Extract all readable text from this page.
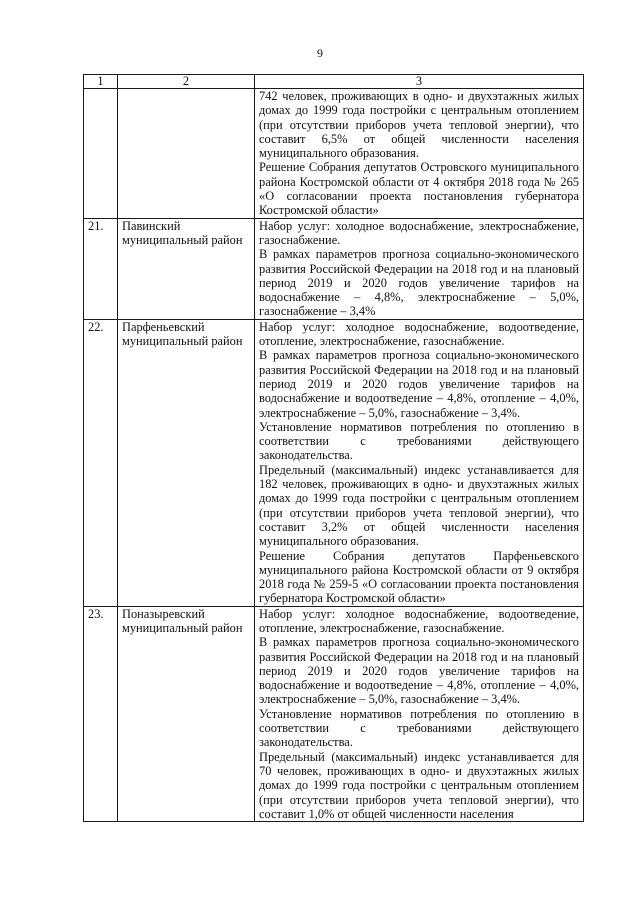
9
1	2	3

		742 человек, проживающих в одно- и двухэтажных жилых домах до 1999 года постройки с центральным отоплением (при отсутствии приборов учета тепловой энергии), что составит 6,5% от общей численности населения муниципального образования.

Решение Собрания депутатов Островского муниципального района Костромской области от 4 октября 2018 года № 265 «О согласовании проекта постановления губернатора Костромской области»

21.	Павинский муниципальный район	Набор услуг: холодное водоснабжение, электроснабжение, газоснабжение.

В рамках параметров прогноза социально-экономического развития Российской Федерации на 2018 год и на плановый период 2019 и 2020 годов увеличение тарифов на водоснабжение – 4,8%, электроснабжение – 5,0%, газоснабжение – 3,4%

22.	Парфеньевский муниципальный район	Набор услуг: холодное водоснабжение, водоотведение, отопление, электроснабжение, газоснабжение.

В рамках параметров прогноза социально-экономического развития Российской Федерации на 2018 год и на плановый период 2019 и 2020 годов увеличение тарифов на водоснабжение и водоотведение – 4,8%, отопление – 4,0%, электроснабжение – 5,0%, газоснабжение – 3,4%.

Установление нормативов потребления по отоплению в соответствии с требованиями действующего законодательства.

Предельный (максимальный) индекс устанавливается для 182 человек, проживающих в одно- и двухэтажных жилых домах до 1999 года постройки с центральным отоплением (при отсутствии приборов учета тепловой энергии), что составит 3,2% от общей численности населения муниципального образования.

Решение Собрания депутатов Парфеньевского муниципального района Костромской области от 9 октября 2018 года № 259-5 «О согласовании проекта постановления губернатора Костромской области»

23.	Поназыревский муниципальный район	Набор услуг: холодное водоснабжение, водоотведение, отопление, электроснабжение, газоснабжение.

В рамках параметров прогноза социально-экономического развития Российской Федерации на 2018 год и на плановый период 2019 и 2020 годов увеличение тарифов на водоснабжение и водоотведение – 4,8%, отопление – 4,0%, электроснабжение – 5,0%, газоснабжение – 3,4%.

Установление нормативов потребления по отоплению в соответствии с требованиями действующего законодательства.

Предельный (максимальный) индекс устанавливается для 70 человек, проживающих в одно- и двухэтажных жилых домах до 1999 года постройки с центральным отоплением (при отсутствии приборов учета тепловой энергии), что составит 1,0% от общей численности населения
